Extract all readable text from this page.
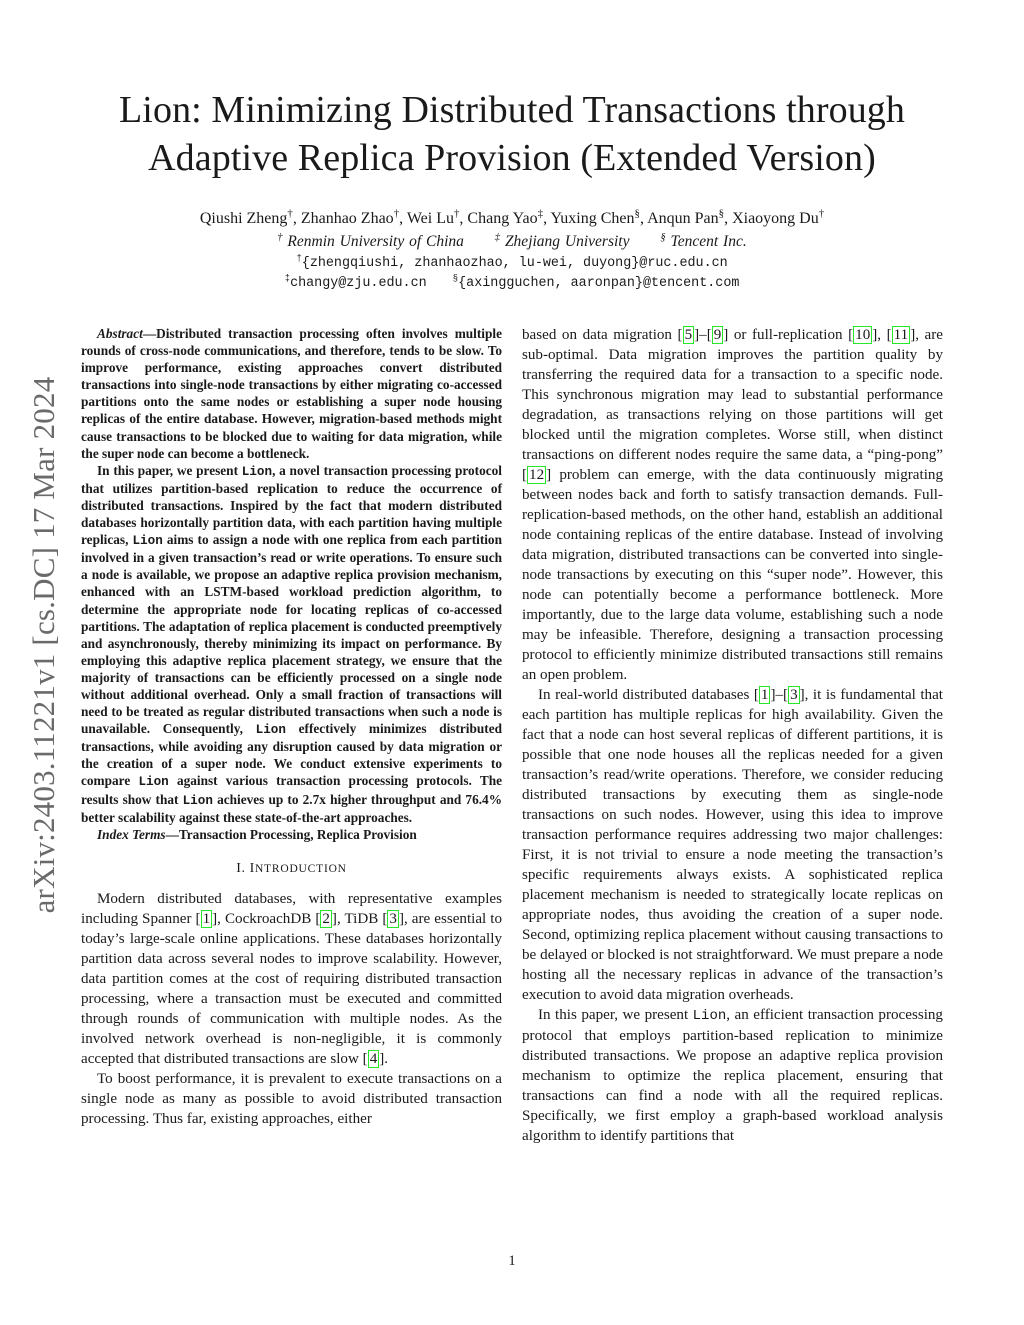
arXiv:2403.11221v1 [cs.DC] 17 Mar 2024
Lion: Minimizing Distributed Transactions through
Adaptive Replica Provision (Extended Version)
Qiushi Zheng†, Zhanhao Zhao†, Wei Lu†, Chang Yao‡, Yuxing Chen§, Anqun Pan§, Xiaoyong Du†
† Renmin University of China	‡ Zhejiang University	§ Tencent Inc.
†{zhengqiushi, zhanhaozhao, lu-wei, duyong}@ruc.edu.cn
‡changy@zju.edu.cn	§{axingguchen, aaronpan}@tencent.com

Abstract—Distributed transaction processing often involves multiple rounds of cross-node communications, and therefore, tends to be slow. To improve performance, existing approaches convert distributed transactions into single-node transactions by either migrating co-accessed partitions onto the same nodes or establishing a super node housing replicas of the entire database. However, migration-based methods might cause transactions to be blocked due to waiting for data migration, while the super node can become a bottleneck.

In this paper, we present Lion, a novel transaction processing protocol that utilizes partition-based replication to reduce the occurrence of distributed transactions. Inspired by the fact that modern distributed databases horizontally partition data, with each partition having multiple replicas, Lion aims to assign a node with one replica from each partition involved in a given transaction’s read or write operations. To ensure such a node is available, we propose an adaptive replica provision mechanism, enhanced with an LSTM-based workload prediction algorithm, to determine the appropriate node for locating replicas of co-accessed partitions. The adaptation of replica placement is conducted preemptively and asynchronously, thereby minimizing its impact on performance. By employing this adaptive replica placement strategy, we ensure that the majority of transactions can be efficiently processed on a single node without additional overhead. Only a small fraction of transactions will need to be treated as regular distributed transactions when such a node is unavailable. Consequently, Lion effectively minimizes distributed transactions, while avoiding any disruption caused by data migration or the creation of a super node. We conduct extensive experiments to compare Lion against various transaction processing protocols. The results show that Lion achieves up to 2.7x higher throughput and 76.4% better scalability against these state-of-the-art approaches.

Index Terms—Transaction Processing, Replica Provision

I. INTRODUCTION

Modern distributed databases, with representative examples including Spanner [ 1 ], CockroachDB [ 2 ], TiDB [ 3 ], are essential to today’s large-scale online applications. These databases horizontally partition data across several nodes to improve scalability. However, data partition comes at the cost of requiring distributed transaction processing, where a transaction must be executed and committed through rounds of communication with multiple nodes. As the involved network overhead is non-negligible, it is commonly accepted that distributed transactions are slow [ 4 ].

To boost performance, it is prevalent to execute transactions on a single node as many as possible to avoid distributed transaction processing. Thus far, existing approaches, either

based on data migration [ 5 ]–[ 9 ] or full-replication [ 10 ], [ 11 ], are sub-optimal. Data migration improves the partition quality by transferring the required data for a transaction to a specific node. This synchronous migration may lead to substantial performance degradation, as transactions relying on those partitions will get blocked until the migration completes. Worse still, when distinct transactions on different nodes require the same data, a “ping-pong” [ 12 ] problem can emerge, with the data continuously migrating between nodes back and forth to satisfy transaction demands. Full-replication-based methods, on the other hand, establish an additional node containing replicas of the entire database. Instead of involving data migration, distributed transactions can be converted into single-node transactions by executing on this “super node”. However, this node can potentially become a performance bottleneck. More importantly, due to the large data volume, establishing such a node may be infeasible. Therefore, designing a transaction processing protocol to efficiently minimize distributed transactions still remains an open problem.

In real-world distributed databases [ 1 ]–[ 3 ], it is fundamental that each partition has multiple replicas for high availability. Given the fact that a node can host several replicas of different partitions, it is possible that one node houses all the replicas needed for a given transaction’s read/write operations. Therefore, we consider reducing distributed transactions by executing them as single-node transactions on such nodes. However, using this idea to improve transaction performance requires addressing two major challenges: First, it is not trivial to ensure a node meeting the transaction’s specific requirements always exists. A sophisticated replica placement mechanism is needed to strategically locate replicas on appropriate nodes, thus avoiding the creation of a super node. Second, optimizing replica placement without causing transactions to be delayed or blocked is not straightforward. We must prepare a node hosting all the necessary replicas in advance of the transaction’s execution to avoid data migration overheads.

In this paper, we present Lion, an efficient transaction processing protocol that employs partition-based replication to minimize distributed transactions. We propose an adaptive replica provision mechanism to optimize the replica placement, ensuring that transactions can find a node with all the required replicas. Specifically, we first employ a graph-based workload analysis algorithm to identify partitions that

1
